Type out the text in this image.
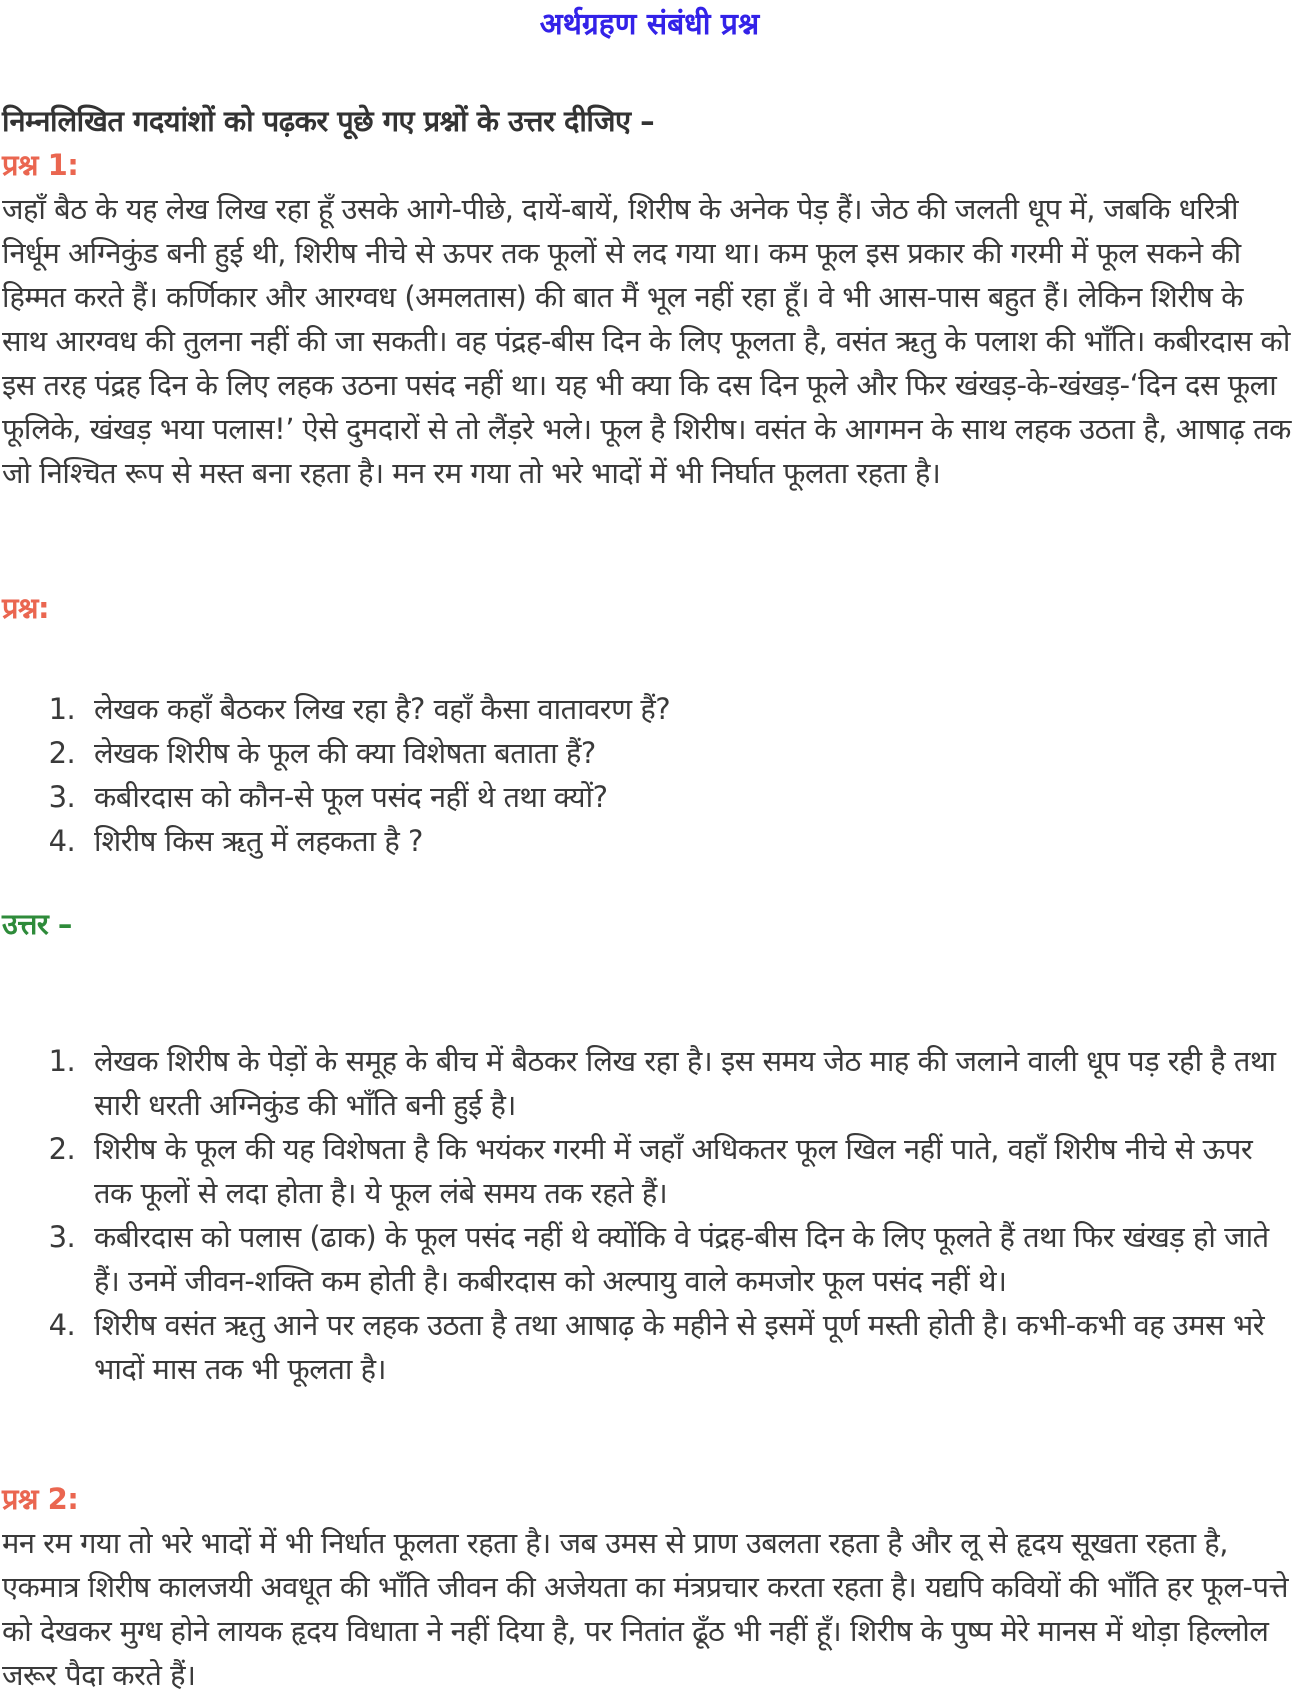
अर्थग्रहण संबंधी प्रश्न
निम्नलिखित गदयांशों को पढ़कर पूछे गए प्रश्नों के उत्तर दीजिए –
प्रश्न 1:

जहाँ बैठ के यह लेख लिख रहा हूँ उसके आगे-पीछे, दायें-बायें, शिरीष के अनेक पेड़ हैं। जेठ की जलती धूप में, जबकि धरित्री निर्धूम अग्निकुंड बनी हुई थी, शिरीष नीचे से ऊपर तक फूलों से लद गया था। कम फूल इस प्रकार की गरमी में फूल सकने की हिम्मत करते हैं। कर्णिकार और आरग्वध (अमलतास) की बात मैं भूल नहीं रहा हूँ। वे भी आस-पास बहुत हैं। लेकिन शिरीष के साथ आरग्वध की तुलना नहीं की जा सकती। वह पंद्रह-बीस दिन के लिए फूलता है, वसंत ऋतु के पलाश की भाँति। कबीरदास को इस तरह पंद्रह दिन के लिए लहक उठना पसंद नहीं था। यह भी क्या कि दस दिन फूले और फिर खंखड़-के-खंखड़-‘दिन दस फूला फूलिके, खंखड़ भया पलास!’ ऐसे दुमदारों से तो लैंड़रे भले। फूल है शिरीष। वसंत के आगमन के साथ लहक उठता है, आषाढ़ तक जो निश्चित रूप से मस्त बना रहता है। मन रम गया तो भरे भादों में भी निर्घात फूलता रहता है।

प्रश्न:
1. लेखक कहाँ बैठकर लिख रहा है? वहाँ कैसा वातावरण हैं?
2. लेखक शिरीष के फूल की क्या विशेषता बताता हैं?
3. कबीरदास को कौन-से फूल पसंद नहीं थे तथा क्यों?
4. शिरीष किस ऋतु में लहकता है ?
उत्तर –
1. लेखक शिरीष के पेड़ों के समूह के बीच में बैठकर लिख रहा है। इस समय जेठ माह की जलाने वाली धूप पड़ रही है तथा सारी धरती अग्निकुंड की भाँति बनी हुई है।
2. शिरीष के फूल की यह विशेषता है कि भयंकर गरमी में जहाँ अधिकतर फूल खिल नहीं पाते, वहाँ शिरीष नीचे से ऊपर तक फूलों से लदा होता है। ये फूल लंबे समय तक रहते हैं।
3. कबीरदास को पलास (ढाक) के फूल पसंद नहीं थे क्योंकि वे पंद्रह-बीस दिन के लिए फूलते हैं तथा फिर खंखड़ हो जाते हैं। उनमें जीवन-शक्ति कम होती है। कबीरदास को अल्पायु वाले कमजोर फूल पसंद नहीं थे।
4. शिरीष वसंत ऋतु आने पर लहक उठता है तथा आषाढ़ के महीने से इसमें पूर्ण मस्ती होती है। कभी-कभी वह उमस भरे भादों मास तक भी फूलता है।
प्रश्न 2:

मन रम गया तो भरे भादों में भी निर्धात फूलता रहता है। जब उमस से प्राण उबलता रहता है और लू से हृदय सूखता रहता है, एकमात्र शिरीष कालजयी अवधूत की भाँति जीवन की अजेयता का मंत्रप्रचार करता रहता है। यद्यपि कवियों की भाँति हर फूल-पत्ते को देखकर मुग्ध होने लायक हृदय विधाता ने नहीं दिया है, पर नितांत ढूँठ भी नहीं हूँ। शिरीष के पुष्प मेरे मानस में थोड़ा हिल्लोल जरूर पैदा करते हैं।
